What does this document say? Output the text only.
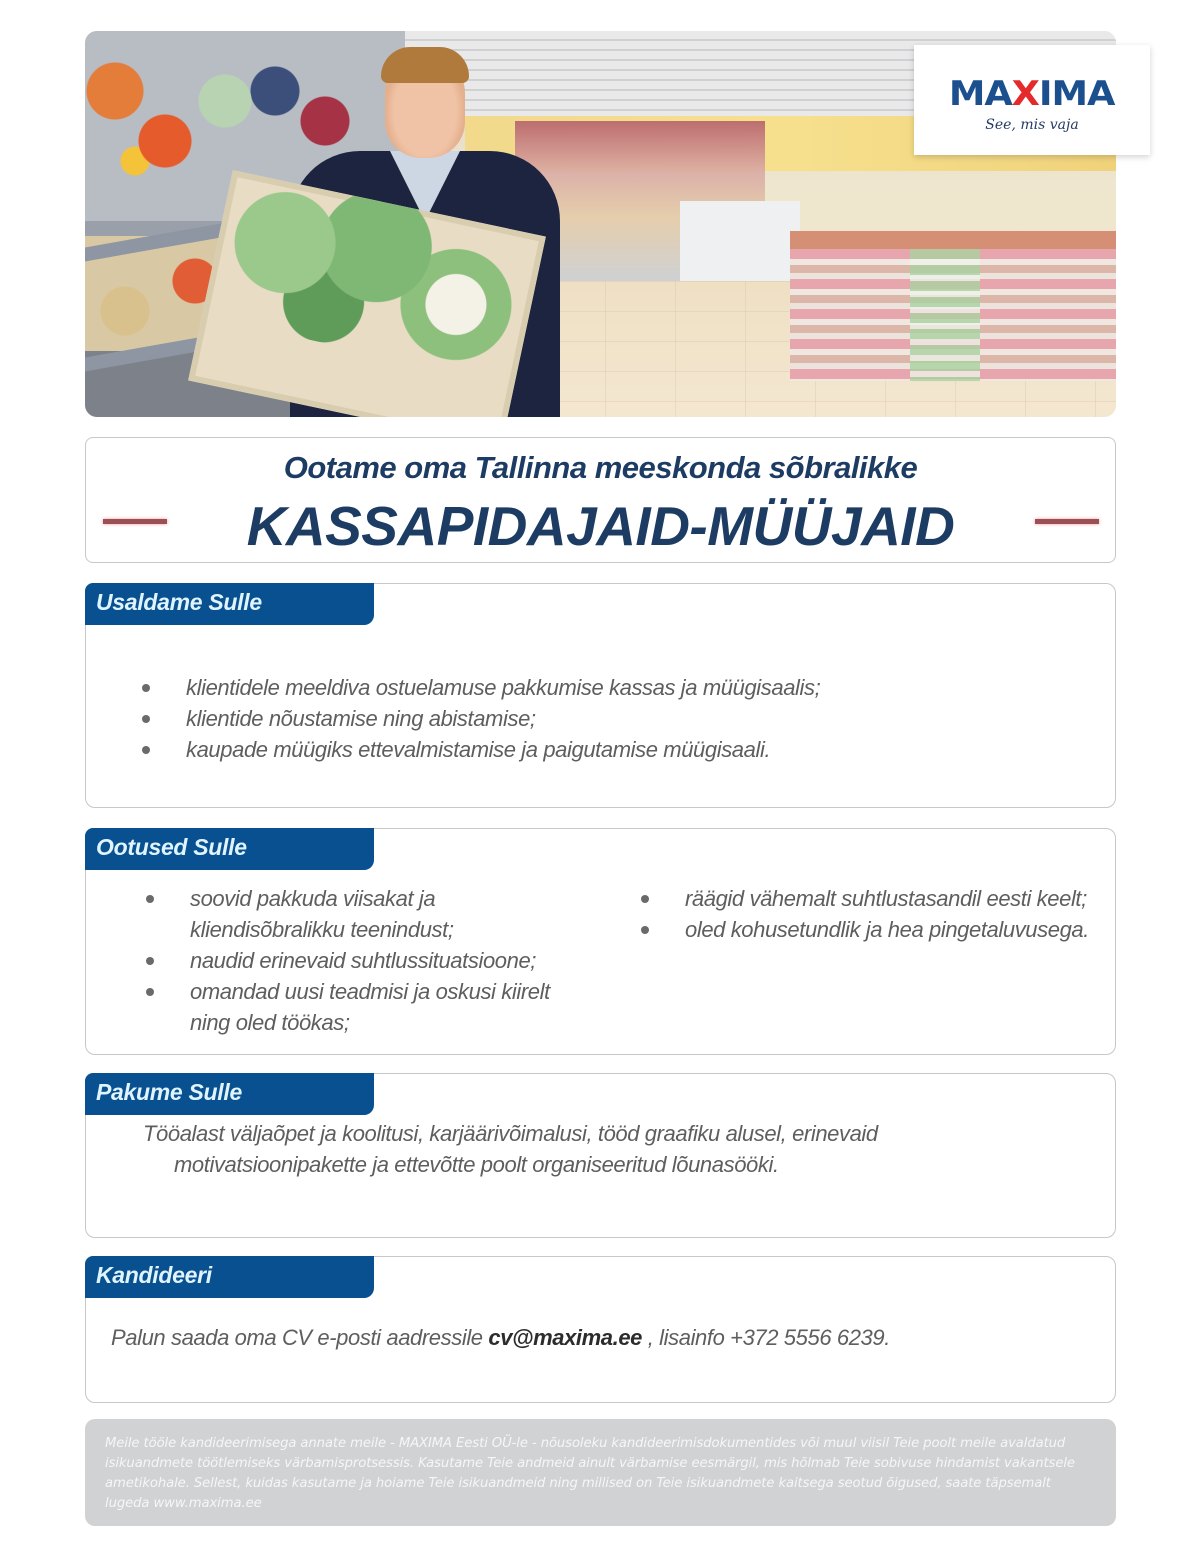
MAXIMA
See, mis vaja
Ootame oma Tallinna meeskonda sõbralikke
KASSAPIDAJAID-MÜÜJAID
Usaldame Sulle
klientidele meeldiva ostuelamuse pakkumise kassas ja müügisaalis;
klientide nõustamise ning abistamise;
kaupade müügiks ettevalmistamise ja paigutamise müügisaali.
Ootused Sulle
soovid pakkuda viisakat ja kliendisõbralikku teenindust;
naudid erinevaid suhtlussituatsioone;
omandad uusi teadmisi ja oskusi kiirelt ning oled töökas;
räägid vähemalt suhtlustasandil eesti keelt;
oled kohusetundlik ja hea pingetaluvusega.
Pakume Sulle
Tööalast väljaõpet ja koolitusi, karjäärivõimalusi, tööd graafiku alusel, erinevaid
motivatsioonipakette ja ettevõtte poolt organiseeritud lõunasööki.
Kandideeri
Palun saada oma CV e-posti aadressile cv@maxima.ee , lisainfo +372 5556 6239.
Meile tööle kandideerimisega annate meile - MAXIMA Eesti OÜ-le - nõusoleku kandideerimisdokumentides või muul viisil Teie poolt meile avaldatud isikuandmete töötlemiseks värbamisprotsessis. Kasutame Teie andmeid ainult värbamise eesmärgil, mis hõlmab Teie sobivuse hindamist vakantsele ametikohale. Sellest, kuidas kasutame ja hoiame Teie isikuandmeid ning millised on Teie isikuandmete kaitsega seotud õigused, saate täpsemalt lugeda www.maxima.ee
